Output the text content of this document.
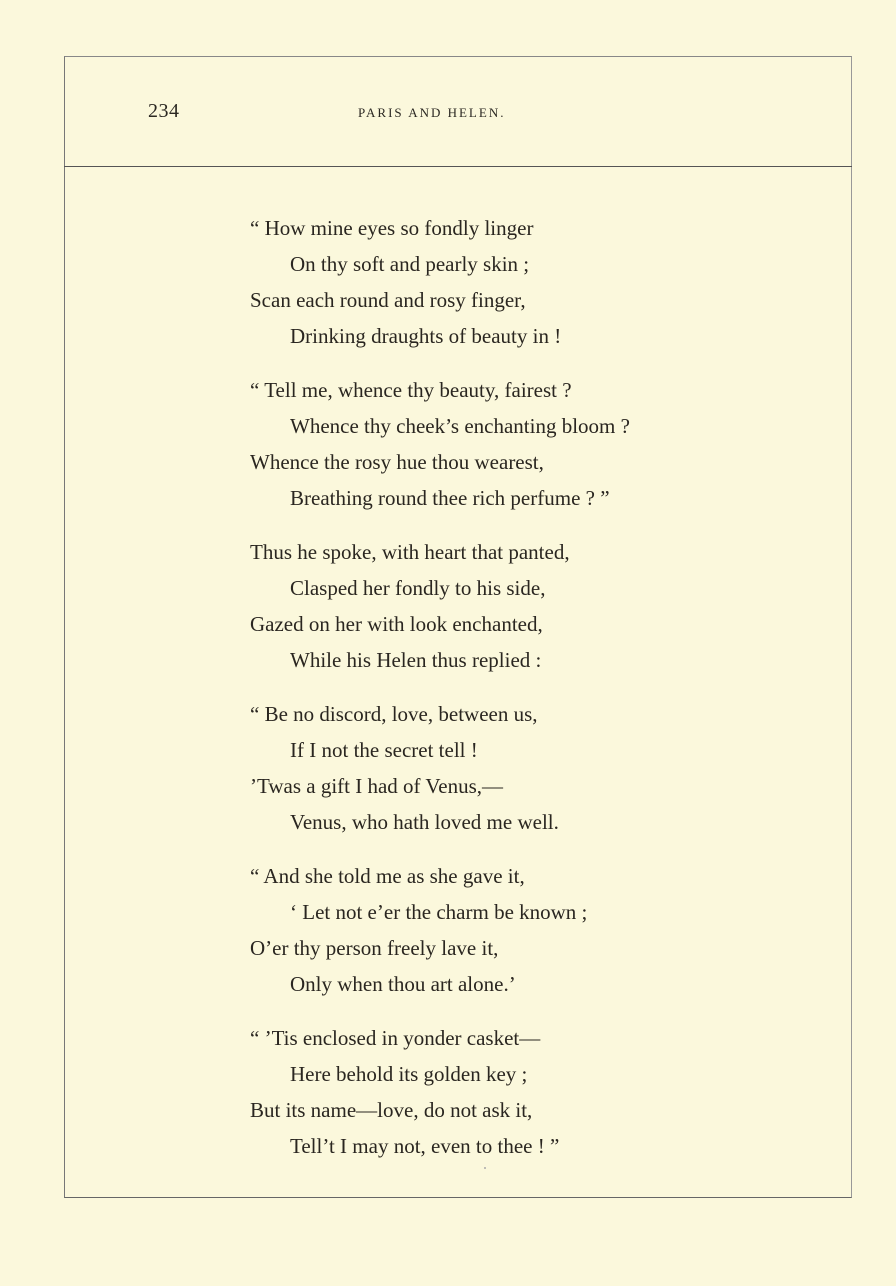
234	PARIS AND HELEN.
“ How mine eyes so fondly linger
On thy soft and pearly skin ;
Scan each round and rosy finger,
Drinking draughts of beauty in !
“ Tell me, whence thy beauty, fairest ?
Whence thy cheek’s enchanting bloom ?
Whence the rosy hue thou wearest,
Breathing round thee rich perfume ? ”
Thus he spoke, with heart that panted,
Clasped her fondly to his side,
Gazed on her with look enchanted,
While his Helen thus replied :
“ Be no discord, love, between us,
If I not the secret tell !
’Twas a gift I had of Venus,—
Venus, who hath loved me well.
“ And she told me as she gave it,
‘ Let not e’er the charm be known ;
O’er thy person freely lave it,
Only when thou art alone.’
“ ’Tis enclosed in yonder casket—
Here behold its golden key ;
But its name—love, do not ask it,
Tell’t I may not, even to thee ! ”
